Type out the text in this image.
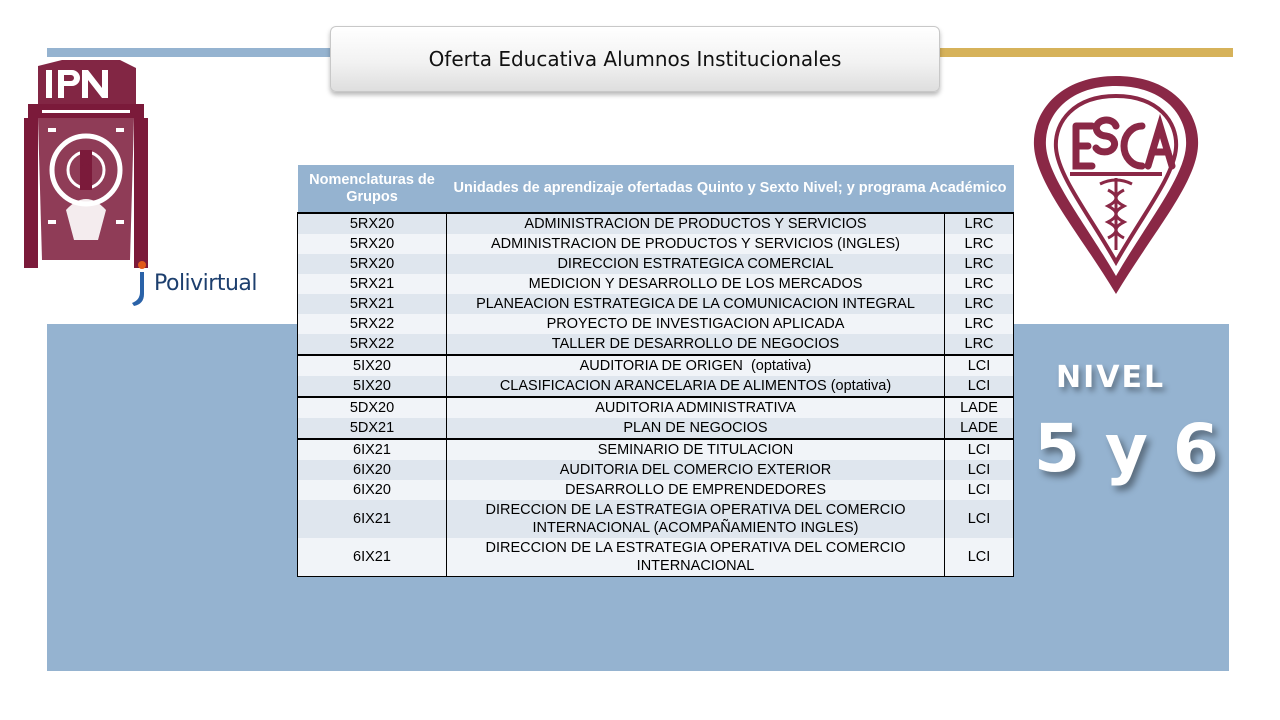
Oferta Educativa Alumnos Institucionales
Polivirtual
NIVEL
5 y 6
Nomenclaturas de Grupos	Unidades de aprendizaje ofertadas Quinto y Sexto Nivel; y programa Académico	
5RX20	ADMINISTRACION DE PRODUCTOS Y SERVICIOS	LRC
5RX20	ADMINISTRACION DE PRODUCTOS Y SERVICIOS (INGLES)	LRC
5RX20	DIRECCION ESTRATEGICA COMERCIAL	LRC
5RX21	MEDICION Y DESARROLLO DE LOS MERCADOS	LRC
5RX21	PLANEACION ESTRATEGICA DE LA COMUNICACION INTEGRAL	LRC
5RX22	PROYECTO DE INVESTIGACION APLICADA	LRC
5RX22	TALLER DE DESARROLLO DE NEGOCIOS	LRC
5IX20	AUDITORIA DE ORIGEN  (optativa)	LCI
5IX20	CLASIFICACION ARANCELARIA DE ALIMENTOS (optativa)	LCI
5DX20	AUDITORIA ADMINISTRATIVA	LADE
5DX21	PLAN DE NEGOCIOS	LADE
6IX21	SEMINARIO DE TITULACION	LCI
6IX20	AUDITORIA DEL COMERCIO EXTERIOR	LCI
6IX20	DESARROLLO DE EMPRENDEDORES	LCI
6IX21	DIRECCION DE LA ESTRATEGIA OPERATIVA DEL COMERCIO INTERNACIONAL (ACOMPAÑAMIENTO INGLES)	LCI
6IX21	DIRECCION DE LA ESTRATEGIA OPERATIVA DEL COMERCIO INTERNACIONAL	LCI
